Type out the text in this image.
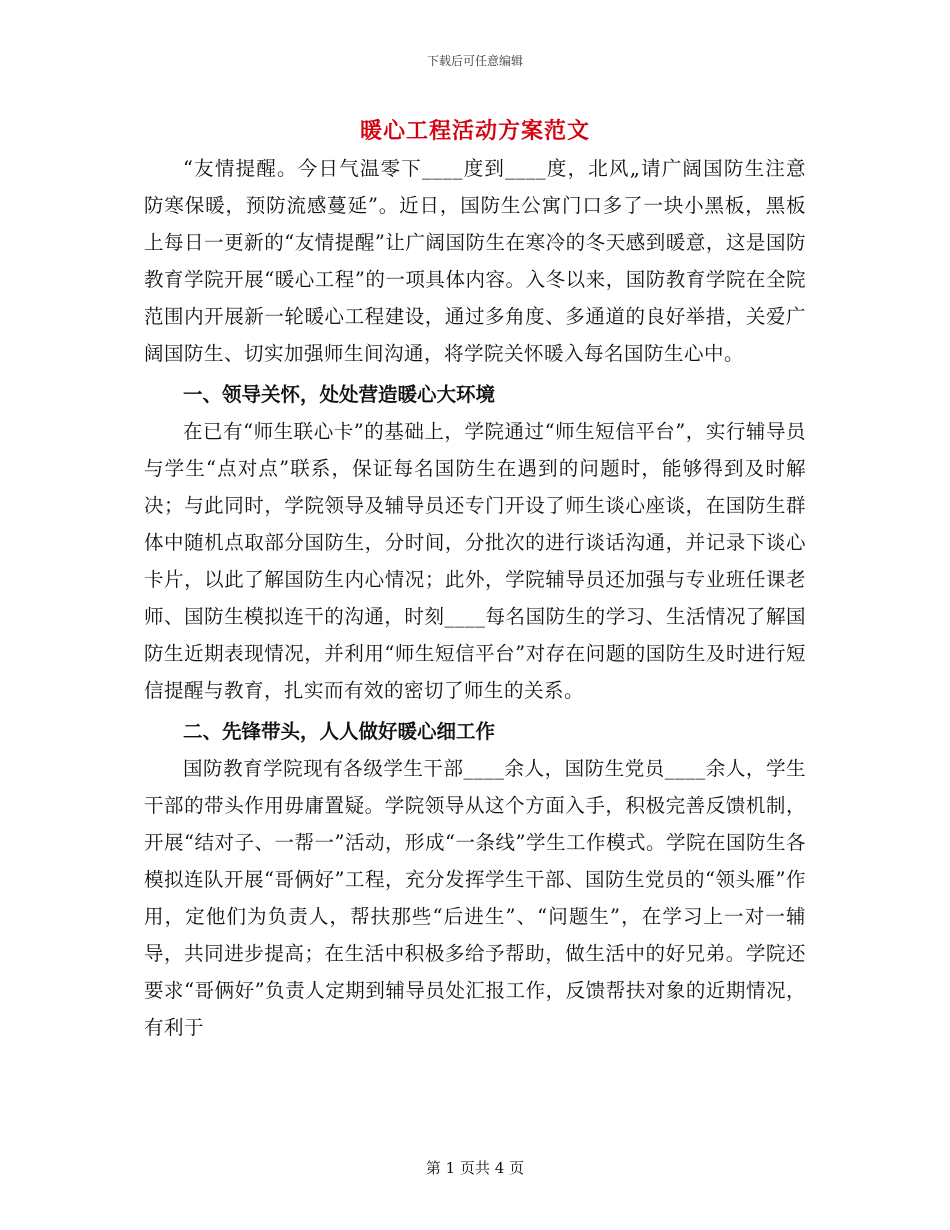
下载后可任意编辑
暖心工程活动方案范文

“友情提醒。今日气温零下____度到____度，北风„请广阔国防生注意防寒保暖，预防流感蔓延”。近日，国防生公寓门口多了一块小黑板，黑板上每日一更新的“友情提醒”让广阔国防生在寒冷的冬天感到暖意，这是国防教育学院开展“暖心工程”的一项具体内容。入冬以来，国防教育学院在全院范围内开展新一轮暖心工程建设，通过多角度、多通道的良好举措，关爱广阔国防生、切实加强师生间沟通，将学院关怀暖入每名国防生心中。

一、领导关怀，处处营造暖心大环境

在已有“师生联心卡”的基础上，学院通过“师生短信平台”，实行辅导员与学生“点对点”联系，保证每名国防生在遇到的问题时，能够得到及时解决；与此同时，学院领导及辅导员还专门开设了师生谈心座谈，在国防生群体中随机点取部分国防生，分时间，分批次的进行谈话沟通，并记录下谈心卡片，以此了解国防生内心情况；此外，学院辅导员还加强与专业班任课老师、国防生模拟连干的沟通，时刻____每名国防生的学习、生活情况了解国防生近期表现情况，并利用“师生短信平台”对存在问题的国防生及时进行短信提醒与教育，扎实而有效的密切了师生的关系。

二、先锋带头，人人做好暖心细工作

国防教育学院现有各级学生干部____余人，国防生党员____余人，学生干部的带头作用毋庸置疑。学院领导从这个方面入手，积极完善反馈机制，开展“结对子、一帮一”活动，形成“一条线”学生工作模式。学院在国防生各模拟连队开展“哥俩好”工程，充分发挥学生干部、国防生党员的“领头雁”作用，定他们为负责人，帮扶那些“后进生”、“问题生”，在学习上一对一辅导，共同进步提高；在生活中积极多给予帮助，做生活中的好兄弟。学院还要求“哥俩好”负责人定期到辅导员处汇报工作，反馈帮扶对象的近期情况，有利于

第 1 页共 4 页
